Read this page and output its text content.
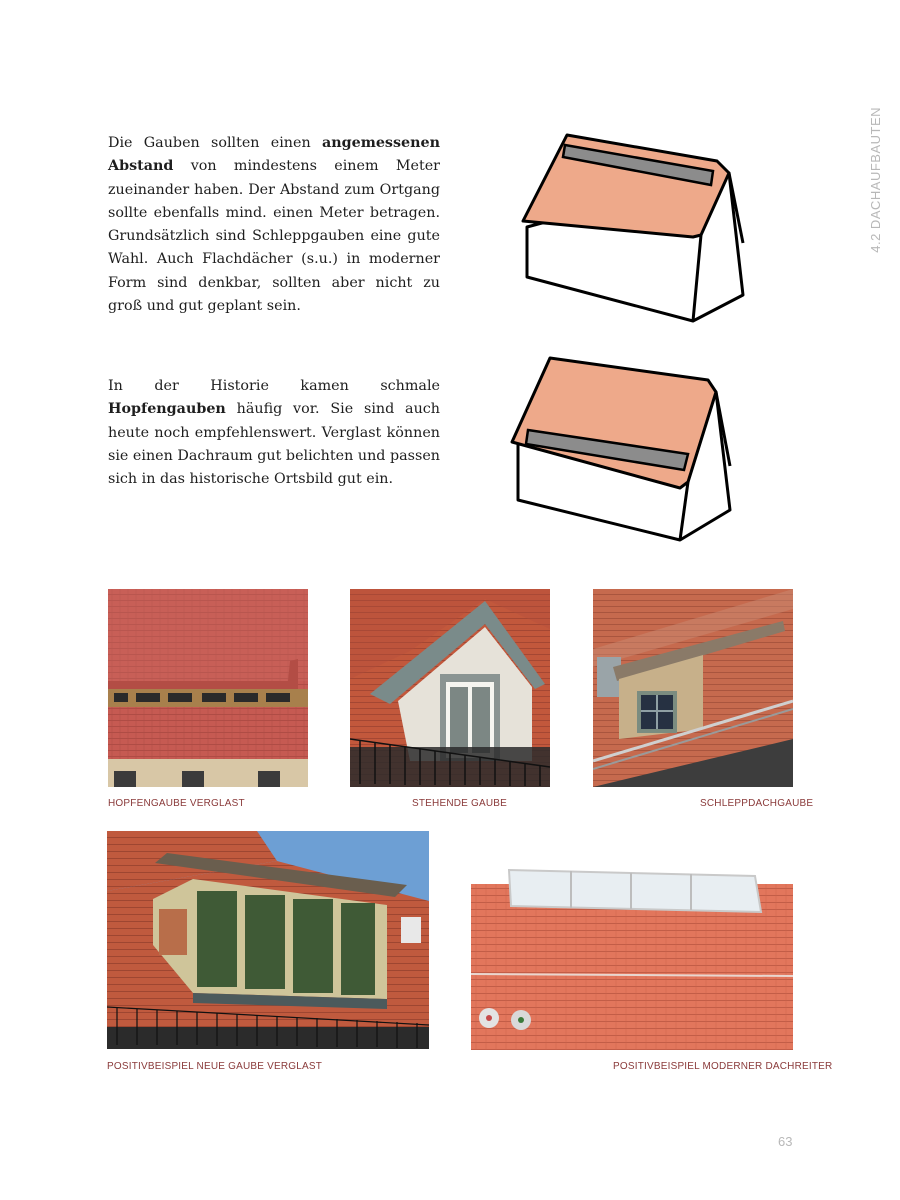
4.2 DACHAUFBAUTEN

Die Gauben sollten einen angemessenen Abstand von mindestens einem Meter zueinander haben. Der Abstand zum Ortgang sollte ebenfalls mind. einen Meter betragen. Grundsätzlich sind Schleppgauben eine gute Wahl. Auch Flachdächer (s.u.) in moderner Form sind denkbar, sollten aber nicht zu groß und gut geplant sein.

In der Historie kamen schmale Hopfengauben häufig vor. Sie sind auch heute noch empfehlenswert. Verglast können sie einen Dachraum gut belichten und passen sich in das historische Ortsbild gut ein.

HOPFENGAUBE VERGLAST	STEHENDE GAUBE	SCHLEPPDACHGAUBE
POSITIVBEISPIEL NEUE GAUBE VERGLAST	POSITIVBEISPIEL MODERNER DACHREITER
63
